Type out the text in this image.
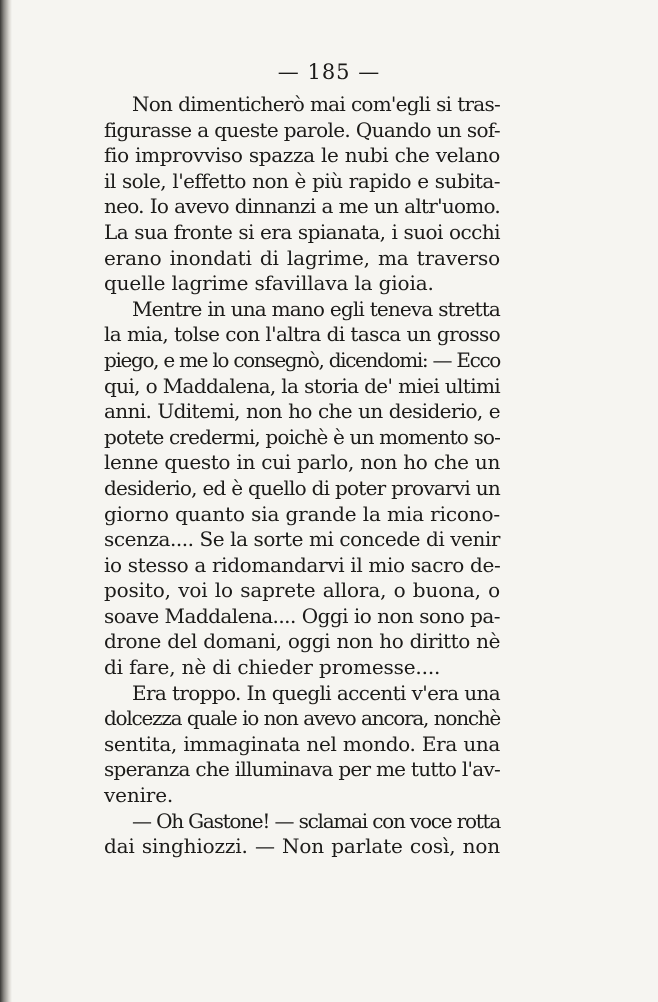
— 185 —
Non dimenticherò mai com'egli si tras-
figurasse a queste parole. Quando un sof-
fio improvviso spazza le nubi che velano
il sole, l'effetto non è più rapido e subita-
neo. Io avevo dinnanzi a me un altr'uomo.
La sua fronte si era spianata, i suoi occhi
erano inondati di lagrime, ma traverso
quelle lagrime sfavillava la gioia.
Mentre in una mano egli teneva stretta
la mia, tolse con l'altra di tasca un grosso
piego, e me lo consegnò, dicendomi: — Ecco
qui, o Maddalena, la storia de' miei ultimi
anni. Uditemi, non ho che un desiderio, e
potete credermi, poichè è un momento so-
lenne questo in cui parlo, non ho che un
desiderio, ed è quello di poter provarvi un
giorno quanto sia grande la mia ricono-
scenza.... Se la sorte mi concede di venir
io stesso a ridomandarvi il mio sacro de-
posito, voi lo saprete allora, o buona, o
soave Maddalena.... Oggi io non sono pa-
drone del domani, oggi non ho diritto nè
di fare, nè di chieder promesse....
Era troppo. In quegli accenti v'era una
dolcezza quale io non avevo ancora, nonchè
sentita, immaginata nel mondo. Era una
speranza che illuminava per me tutto l'av-
venire.
— Oh Gastone! — sclamai con voce rotta
dai singhiozzi. — Non parlate così, non
